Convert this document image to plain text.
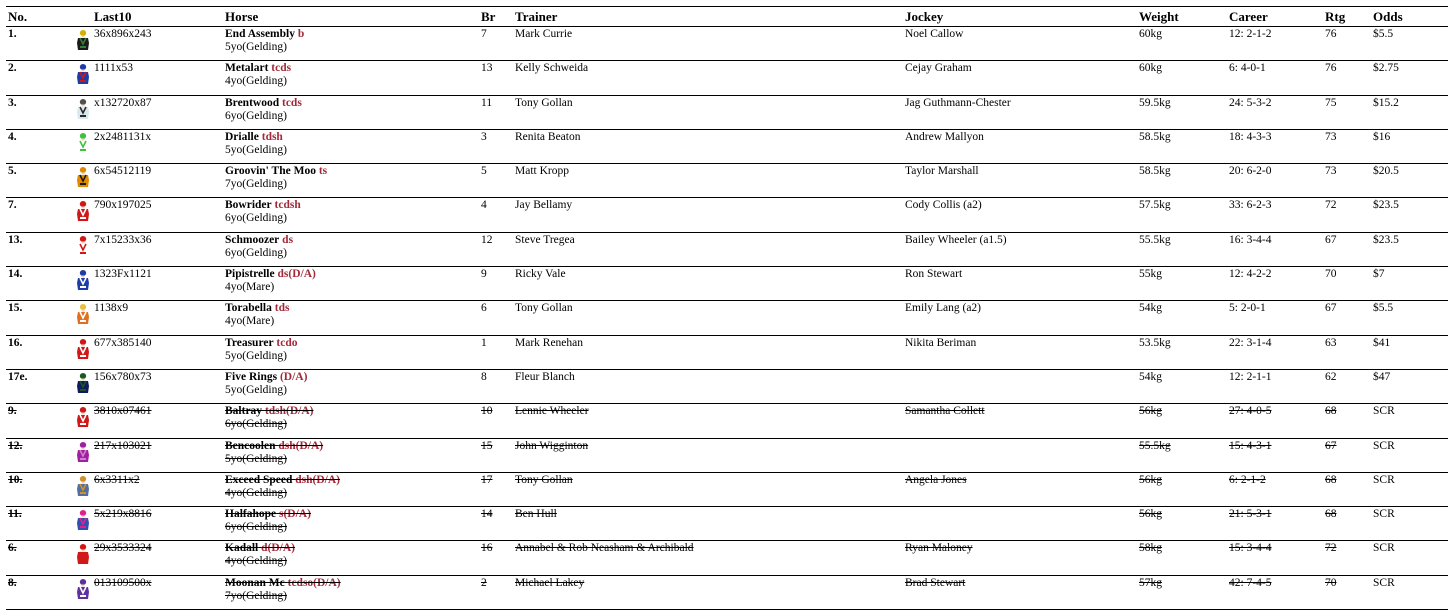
No.		Last10	Horse	Br	Trainer	Jockey	Weight	Career	Rtg	Odds
1.		36x896x243	End Assembly b
5yo(Gelding)	7	Mark Currie	Noel Callow	60kg	12: 2-1-2	76	$5.5
2.		1111x53	Metalart tcds
4yo(Gelding)	13	Kelly Schweida	Cejay Graham	60kg	6: 4-0-1	76	$2.75
3.		x132720x87	Brentwood tcds
6yo(Gelding)	11	Tony Gollan	Jag Guthmann-Chester	59.5kg	24: 5-3-2	75	$15.2
4.		2x2481131x	Drialle tdsh
5yo(Gelding)	3	Renita Beaton	Andrew Mallyon	58.5kg	18: 4-3-3	73	$16
5.		6x54512119	Groovin' The Moo ts
7yo(Gelding)	5	Matt Kropp	Taylor Marshall	58.5kg	20: 6-2-0	73	$20.5
7.		790x197025	Bowrider tcdsh
6yo(Gelding)	4	Jay Bellamy	Cody Collis (a2)	57.5kg	33: 6-2-3	72	$23.5
13.		7x15233x36	Schmoozer ds
6yo(Gelding)	12	Steve Tregea	Bailey Wheeler (a1.5)	55.5kg	16: 3-4-4	67	$23.5
14.		1323Fx1121	Pipistrelle ds(D/A)
4yo(Mare)	9	Ricky Vale	Ron Stewart	55kg	12: 4-2-2	70	$7
15.		1138x9	Torabella tds
4yo(Mare)	6	Tony Gollan	Emily Lang (a2)	54kg	5: 2-0-1	67	$5.5
16.		677x385140	Treasurer tcdo
5yo(Gelding)	1	Mark Renehan	Nikita Beriman	53.5kg	22: 3-1-4	63	$41
17e.		156x780x73	Five Rings (D/A)
5yo(Gelding)	8	Fleur Blanch		54kg	12: 2-1-1	62	$47
9.		3810x07461	Baltray tdsh(D/A)
6yo(Gelding)	10	Lennie Wheeler	Samantha Collett	56kg	27: 4-0-5	68	SCR
12.		217x103021	Bencoolen dsh(D/A)
5yo(Gelding)	15	John Wigginton		55.5kg	15: 4-3-1	67	SCR
10.		6x3311x2	Exceed Speed dsh(D/A)
4yo(Gelding)	17	Tony Gollan	Angela Jones	56kg	6: 2-1-2	68	SCR
11.		5x219x8816	Halfahope s(D/A)
6yo(Gelding)	14	Ben Hull		56kg	21: 5-3-1	68	SCR
6.		29x3533324	Kadall d(D/A)
4yo(Gelding)	16	Annabel & Rob Neasham & Archibald	Ryan Maloney	58kg	15: 3-4-4	72	SCR
8.		013109500x	Moonan Mc tcdso(D/A)
7yo(Gelding)	2	Michael Lakey	Brad Stewart	57kg	42: 7-4-5	70	SCR
